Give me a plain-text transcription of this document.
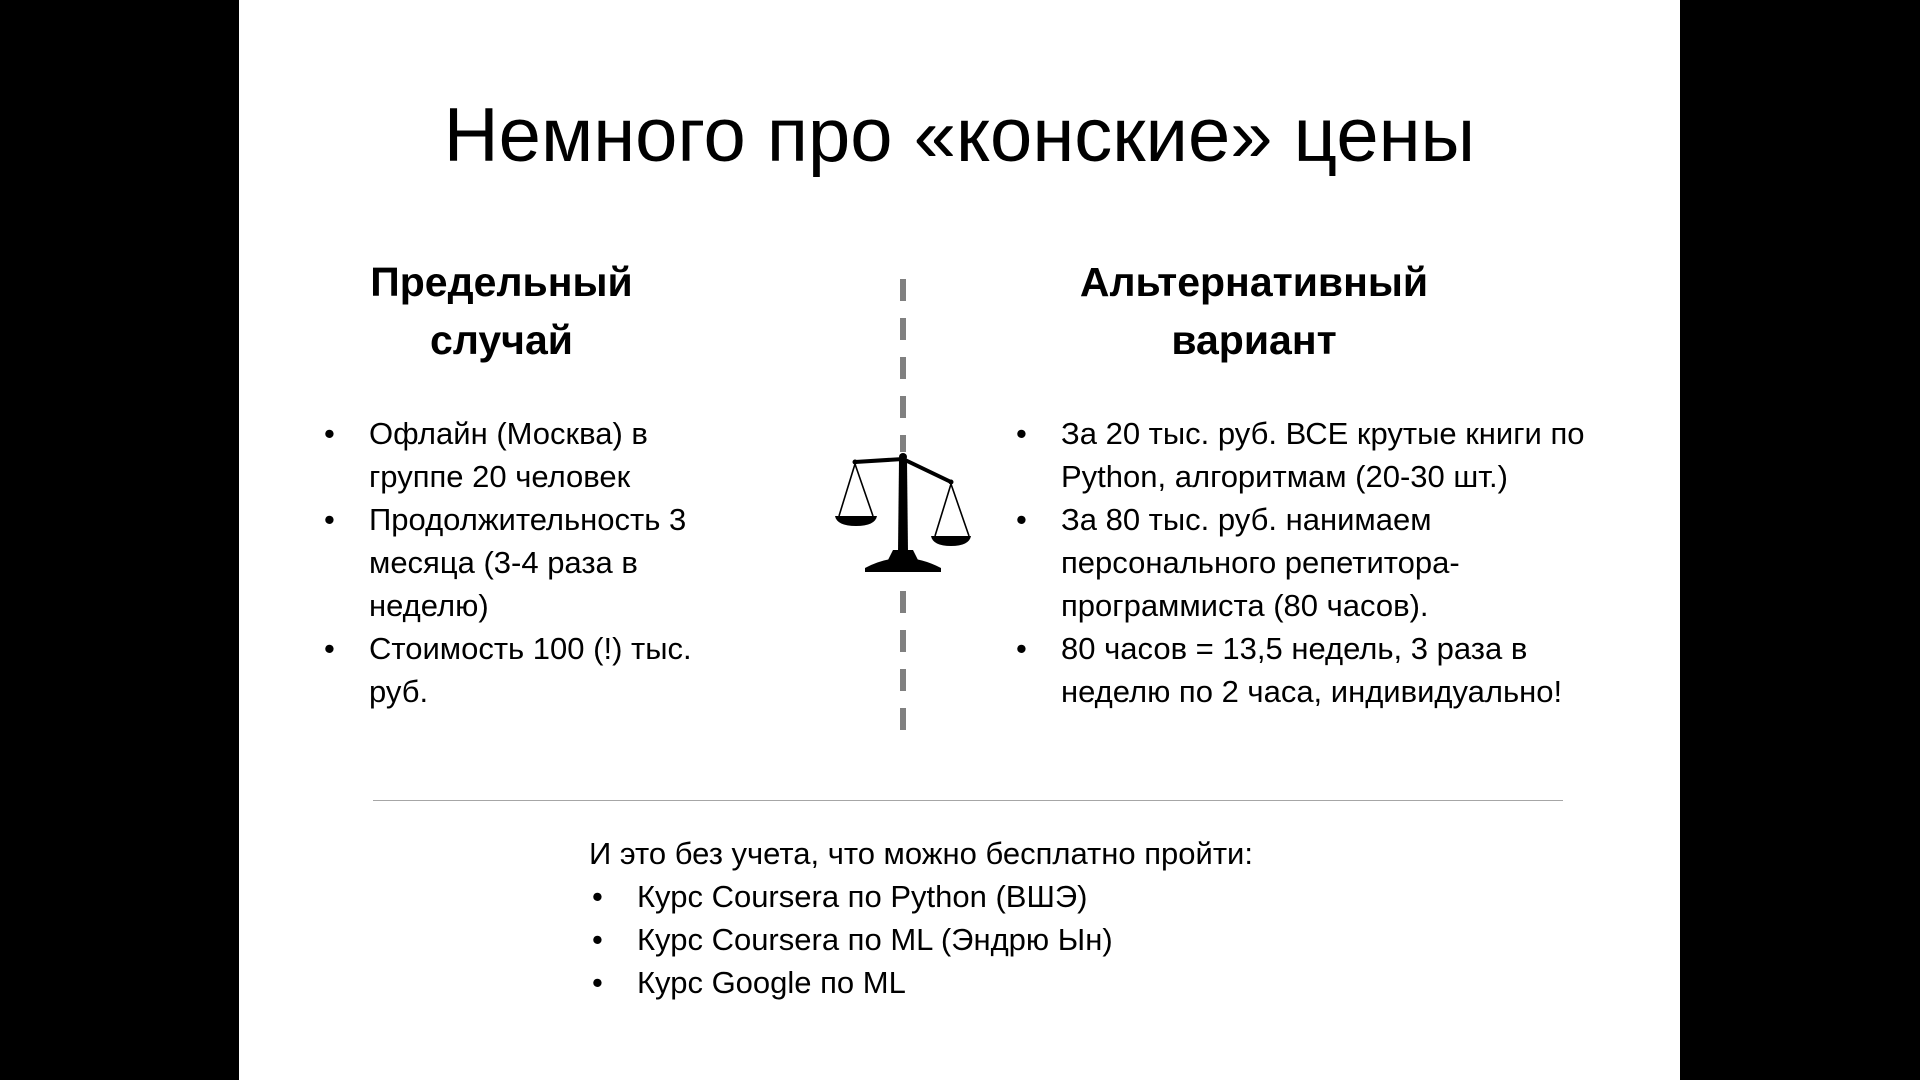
Немного про «конские» цены
Предельный
случай
Альтернативный
вариант
• Офлайн (Москва) в группе 20 человек
• Продолжительность 3 месяца (3-4 раза в неделю)
• Стоимость 100 (!) тыс. руб.
• За 20 тыс. руб. ВСЕ крутые книги по Python, алгоритмам (20-30 шт.)
• За 80 тыс. руб. нанимаем персонального репетитора-программиста (80 часов).
• 80 часов = 13,5 недель, 3 раза в неделю по 2 часа, индивидуально!
И это без учета, что можно бесплатно пройти:
• Курс Coursera по Python (ВШЭ)
• Курс Coursera по ML (Эндрю Ын)
• Курс Google по ML
